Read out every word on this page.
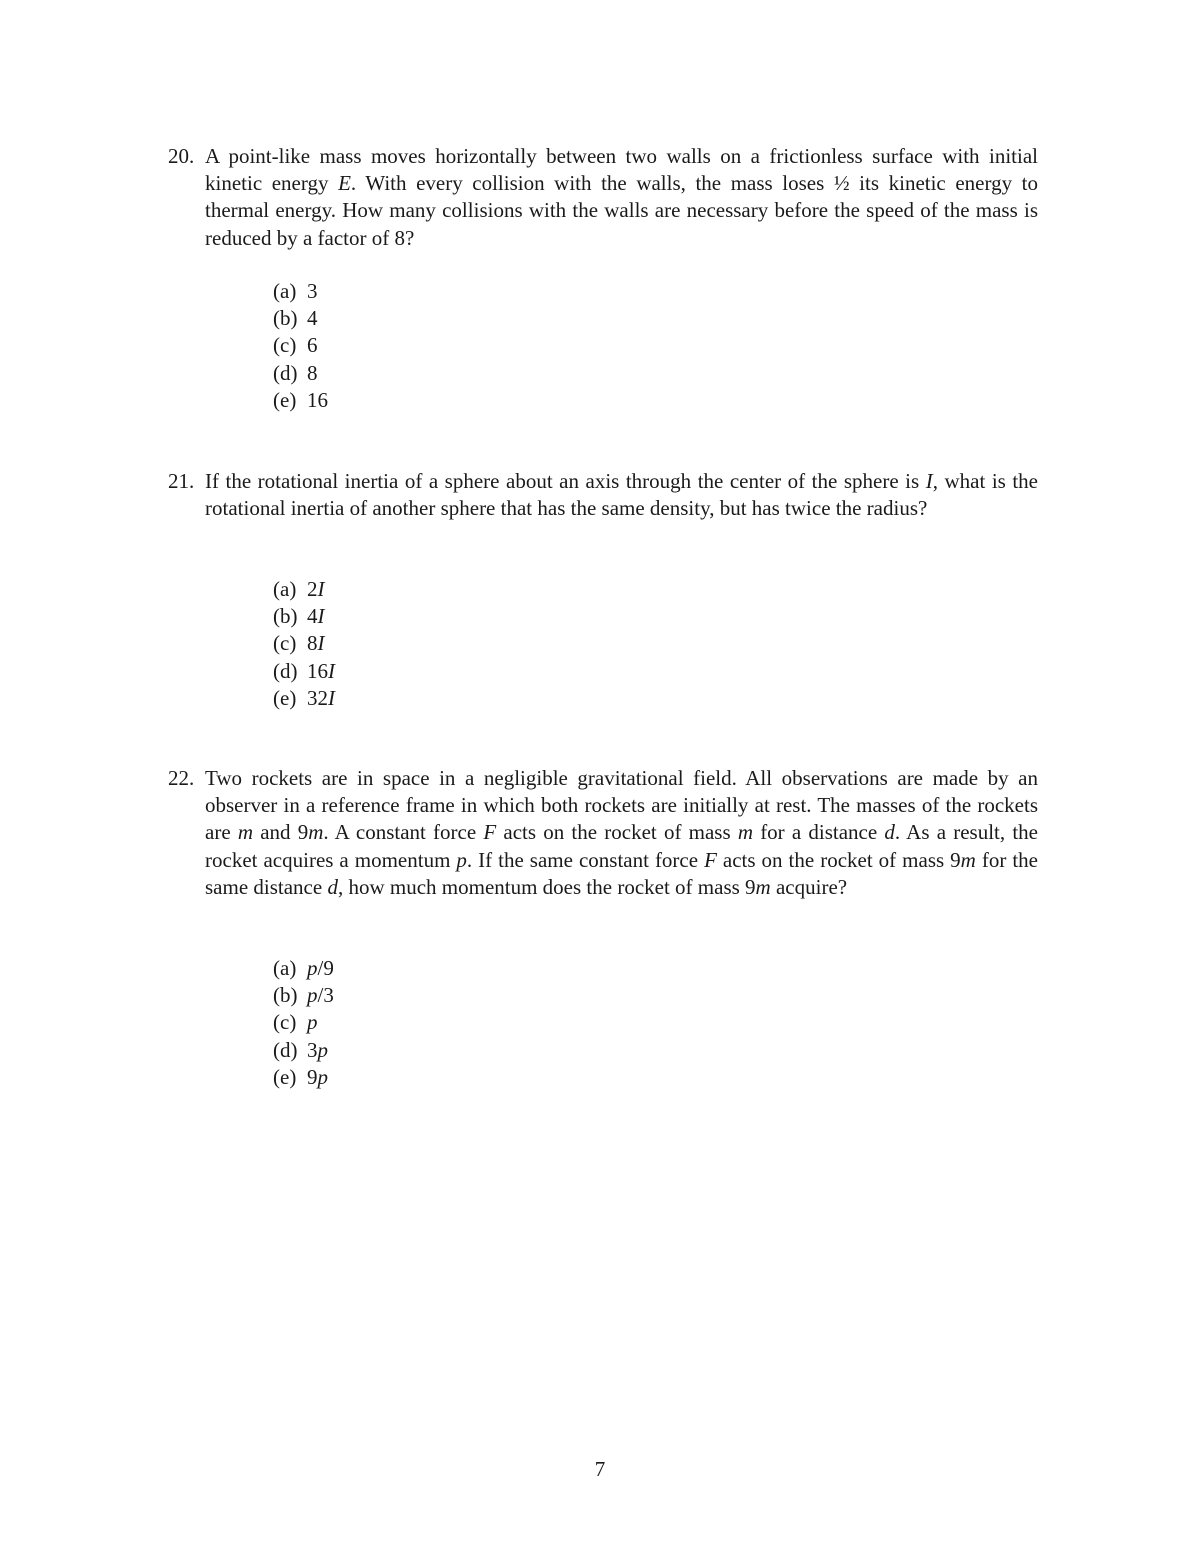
20. A point-like mass moves horizontally between two walls on a frictionless surface with initial kinetic energy E. With every collision with the walls, the mass loses ½ its kinetic energy to thermal energy. How many collisions with the walls are necessary before the speed of the mass is reduced by a factor of 8?

(a) 3
(b) 4
(c) 6
(d) 8
(e) 16
21. If the rotational inertia of a sphere about an axis through the center of the sphere is I, what is the rotational inertia of another sphere that has the same density, but has twice the radius?

(a) 2I
(b) 4I
(c) 8I
(d) 16I
(e) 32I
22. Two rockets are in space in a negligible gravitational field. All observations are made by an observer in a reference frame in which both rockets are initially at rest. The masses of the rockets are m and 9m. A constant force F acts on the rocket of mass m for a distance d. As a result, the rocket acquires a momentum p. If the same constant force F acts on the rocket of mass 9m for the same distance d, how much momentum does the rocket of mass 9m acquire?

(a) p/9
(b) p/3
(c) p
(d) 3p
(e) 9p
7
